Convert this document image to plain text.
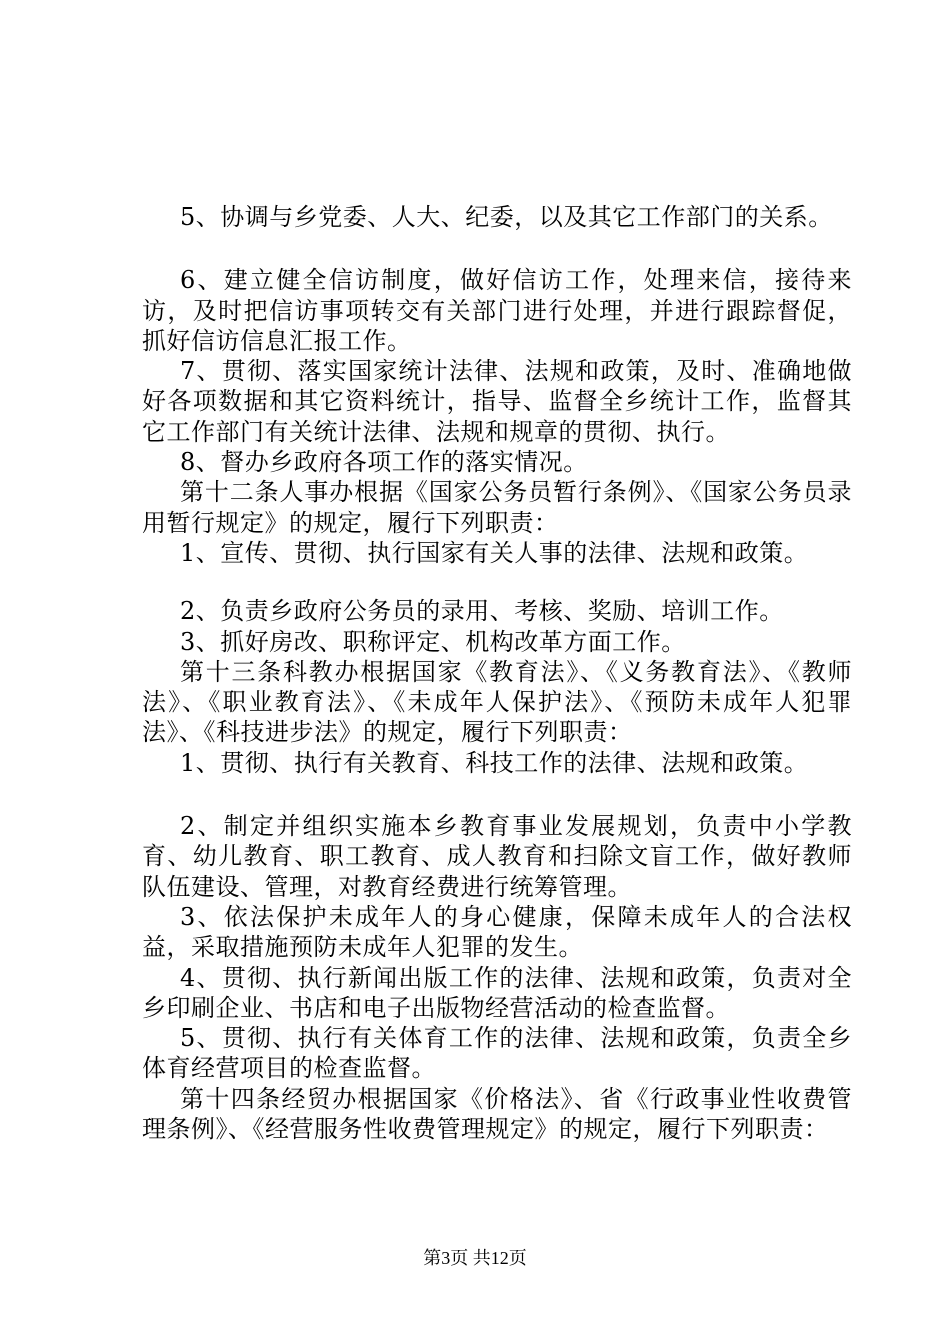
5、协调与乡党委、人大、纪委，以及其它工作部门的关系。

6、建立健全信访制度，做好信访工作，处理来信，接待来访，及时把信访事项转交有关部门进行处理，并进行跟踪督促，抓好信访信息汇报工作。

7、贯彻、落实国家统计法律、法规和政策，及时、准确地做好各项数据和其它资料统计，指导、监督全乡统计工作，监督其它工作部门有关统计法律、法规和规章的贯彻、执行。

8、督办乡政府各项工作的落实情况。

第十二条人事办根据《国家公务员暂行条例》、《国家公务员录用暂行规定》的规定，履行下列职责：

1、宣传、贯彻、执行国家有关人事的法律、法规和政策。

2、负责乡政府公务员的录用、考核、奖励、培训工作。

3、抓好房改、职称评定、机构改革方面工作。

第十三条科教办根据国家《教育法》、《义务教育法》、《教师法》、《职业教育法》、《未成年人保护法》、《预防未成年人犯罪法》、《科技进步法》的规定，履行下列职责：

1、贯彻、执行有关教育、科技工作的法律、法规和政策。

2、制定并组织实施本乡教育事业发展规划，负责中小学教育、幼儿教育、职工教育、成人教育和扫除文盲工作，做好教师队伍建设、管理，对教育经费进行统筹管理。

3、依法保护未成年人的身心健康，保障未成年人的合法权益，采取措施预防未成年人犯罪的发生。

4、贯彻、执行新闻出版工作的法律、法规和政策，负责对全乡印刷企业、书店和电子出版物经营活动的检查监督。

5、贯彻、执行有关体育工作的法律、法规和政策，负责全乡体育经营项目的检查监督。

第十四条经贸办根据国家《价格法》、省《行政事业性收费管理条例》、《经营服务性收费管理规定》的规定，履行下列职责：

第3页 共12页
